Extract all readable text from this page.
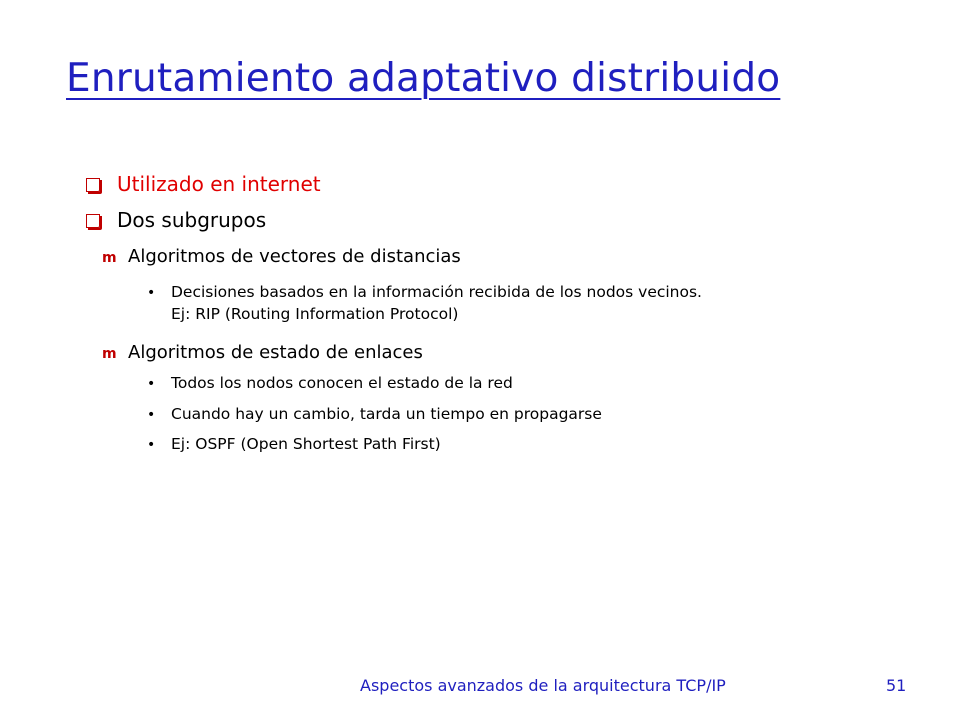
Enrutamiento adaptativo distribuido
Utilizado en internet
Dos subgrupos
m Algoritmos de vectores de distancias
• Decisiones basados en la información recibida de los nodos vecinos.
Ej: RIP (Routing Information Protocol)
m Algoritmos de estado de enlaces
• Todos los nodos conocen el estado de la red
• Cuando hay un cambio, tarda un tiempo en propagarse
• Ej: OSPF (Open Shortest Path First)
Aspectos avanzados de la arquitectura TCP/IP	51
